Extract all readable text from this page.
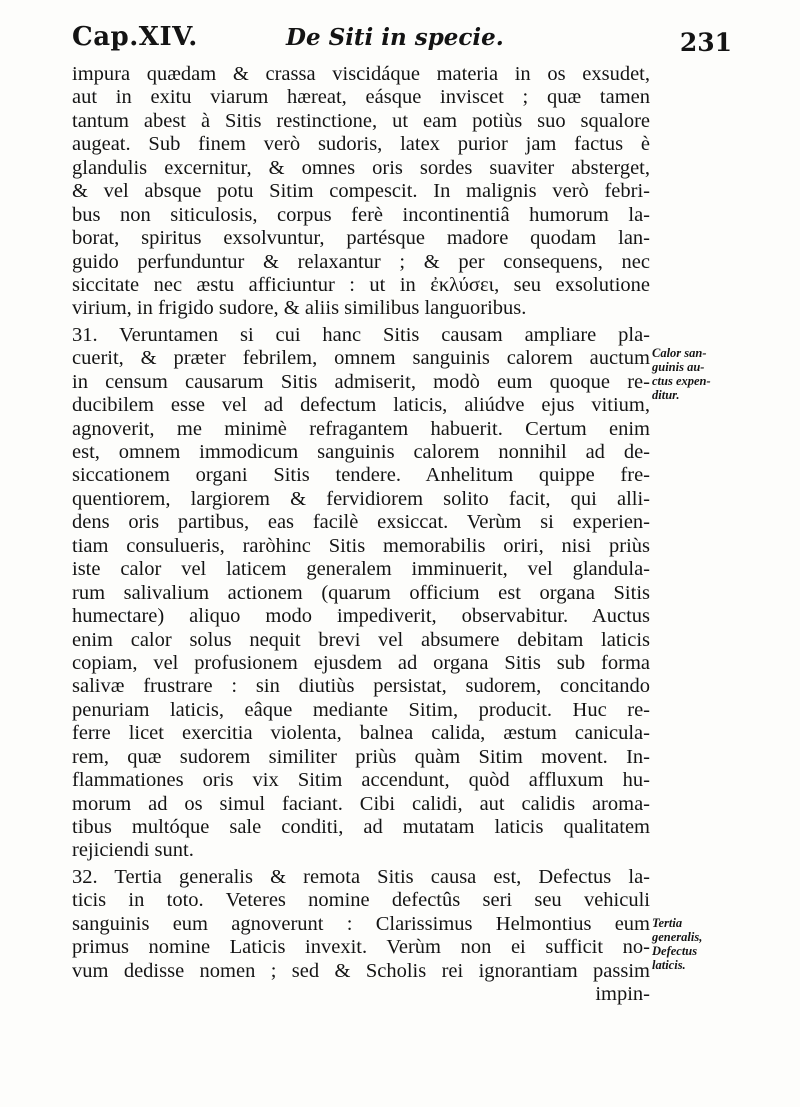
Cap.XIV.	De Siti in specie.	231
impura quædam & crassa viscidáque materia in os exsudet,
aut in exitu viarum hæreat, eásque inviscet ; quæ tamen
tantum abest à Sitis restinctione, ut eam potiùs suo squalore
augeat. Sub finem verò sudoris, latex purior jam factus è
glandulis excernitur, & omnes oris sordes suaviter absterget,
& vel absque potu Sitim compescit. In malignis verò febri-
bus non siticulosis, corpus ferè incontinentiâ humorum la-
borat, spiritus exsolvuntur, partésque madore quodam lan-
guido perfunduntur & relaxantur ; & per consequens, nec
siccitate nec æstu afficiuntur : ut in ἐκλύσει, seu exsolutione
virium, in frigido sudore, & aliis similibus languoribus.
31. Veruntamen si cui hanc Sitis causam ampliare pla-
cuerit, & præter febrilem, omnem sanguinis calorem auctum
in censum causarum Sitis admiserit, modò eum quoque re-
ducibilem esse vel ad defectum laticis, aliúdve ejus vitium,
agnoverit, me minimè refragantem habuerit. Certum enim
est, omnem immodicum sanguinis calorem nonnihil ad de-
siccationem organi Sitis tendere. Anhelitum quippe fre-
quentiorem, largiorem & fervidiorem solito facit, qui alli-
dens oris partibus, eas facilè exsiccat. Verùm si experien-
tiam consulueris, raròhinc Sitis memorabilis oriri, nisi priùs
iste calor vel laticem generalem imminuerit, vel glandula-
rum salivalium actionem (quarum officium est organa Sitis
humectare) aliquo modo impediverit, observabitur. Auctus
enim calor solus nequit brevi vel absumere debitam laticis
copiam, vel profusionem ejusdem ad organa Sitis sub forma
salivæ frustrare : sin diutiùs persistat, sudorem, concitando
penuriam laticis, eâque mediante Sitim, producit. Huc re-
ferre licet exercitia violenta, balnea calida, æstum canicula-
rem, quæ sudorem similiter priùs quàm Sitim movent. In-
flammationes oris vix Sitim accendunt, quòd affluxum hu-
morum ad os simul faciant. Cibi calidi, aut calidis aroma-
tibus multóque sale conditi, ad mutatam laticis qualitatem
rejiciendi sunt.
32. Tertia generalis & remota Sitis causa est, Defectus la-
ticis in toto. Veteres nomine defectûs seri seu vehiculi
sanguinis eum agnoverunt : Clarissimus Helmontius eum
primus nomine Laticis invexit. Verùm non ei sufficit no-
vum dedisse nomen ; sed & Scholis rei ignorantiam passim
impin-
Calor san-
guinis au-
ctus expen-
ditur.
Tertia
generalis,
Defectus
laticis.
